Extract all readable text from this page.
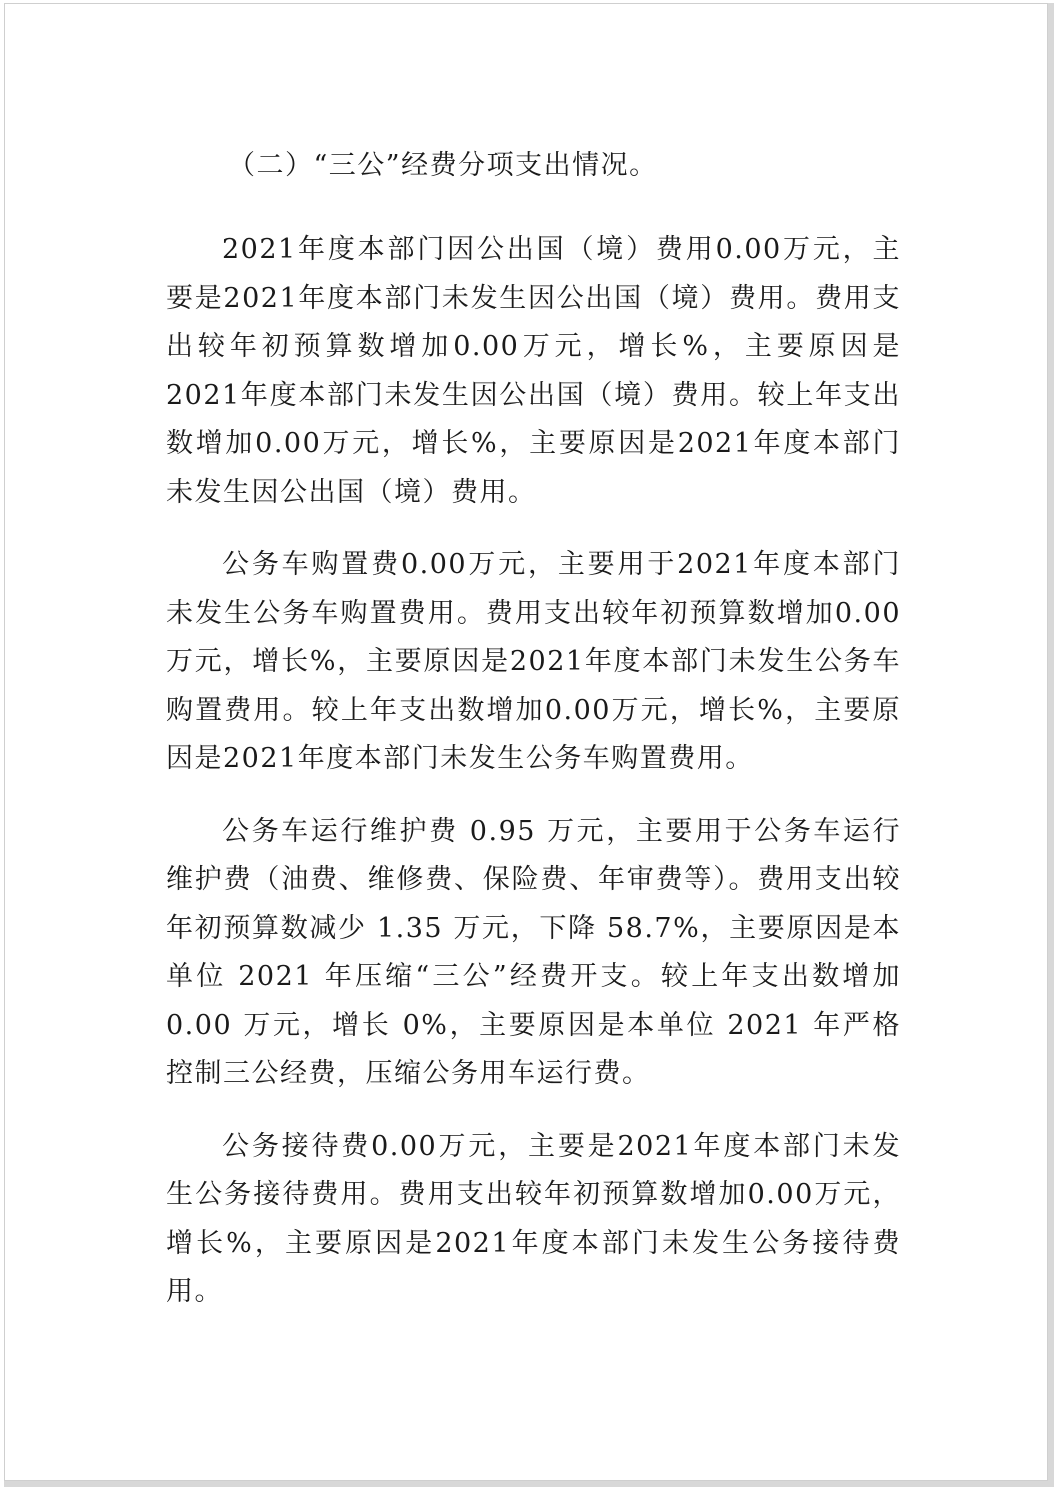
（二）“三公”经费分项支出情况。

2021年度本部门因公出国（境）费用0.00万元，主要是2021年度本部门未发生因公出国（境）费用。费用支出较年初预算数增加0.00万元，增长%，主要原因是2021年度本部门未发生因公出国（境）费用。较上年支出数增加0.00万元，增长%，主要原因是2021年度本部门未发生因公出国（境）费用。

公务车购置费0.00万元，主要用于2021年度本部门未发生公务车购置费用。费用支出较年初预算数增加0.00万元，增长%，主要原因是2021年度本部门未发生公务车购置费用。较上年支出数增加0.00万元，增长%，主要原因是2021年度本部门未发生公务车购置费用。

公务车运行维护费 0.95 万元，主要用于公务车运行维护费（油费、维修费、保险费、年审费等）。费用支出较年初预算数减少 1.35 万元，下降 58.7%，主要原因是本单位 2021 年压缩“三公”经费开支。较上年支出数增加 0.00 万元，增长 0%，主要原因是本单位 2021 年严格控制三公经费，压缩公务用车运行费。

公务接待费0.00万元，主要是2021年度本部门未发生公务接待费用。费用支出较年初预算数增加0.00万元，增长%，主要原因是2021年度本部门未发生公务接待费用。
